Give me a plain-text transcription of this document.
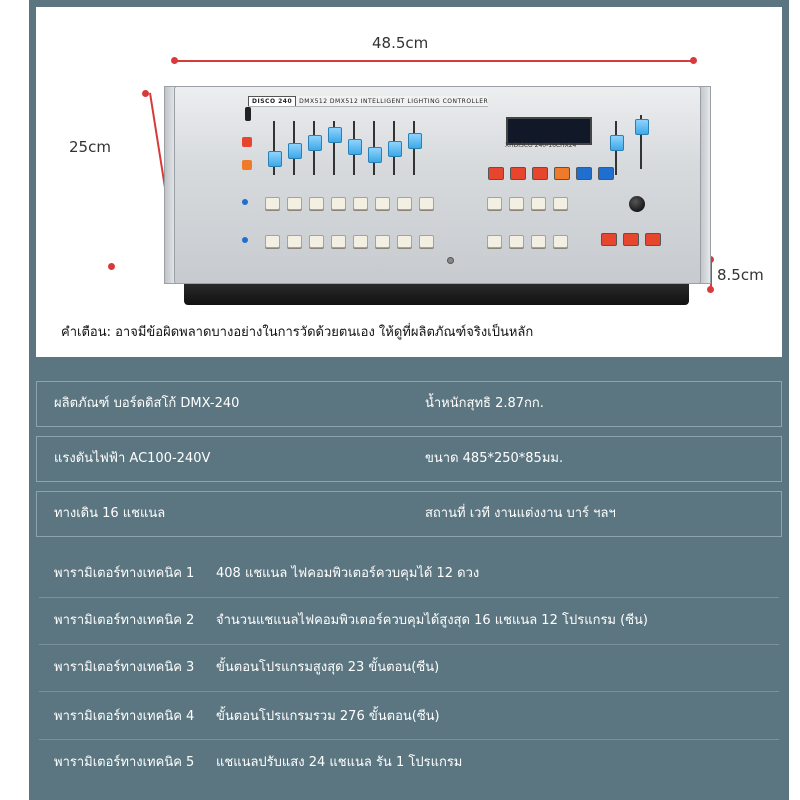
48.5cm
25cm
8.5cm
DISCO 240 DMX512 DMX512 INTELLIGENT LIGHTING CONTROLLER
XHDISCO 240-16CHX24
คำเตือน: อาจมีข้อผิดพลาดบางอย่างในการวัดด้วยตนเอง ให้ดูที่ผลิตภัณฑ์จริงเป็นหลัก
ผลิตภัณฑ์ บอร์ดดิสโก้ DMX-240	น้ำหนักสุทธิ 2.87กก.
แรงดันไฟฟ้า AC100-240V	ขนาด 485*250*85มม.
ทางเดิน 16 แชแนล	สถานที่ เวที งานแต่งงาน บาร์ ฯลฯ
พารามิเตอร์ทางเทคนิค 1 408 แชแนล ไฟคอมพิวเตอร์ควบคุมได้ 12 ดวง
พารามิเตอร์ทางเทคนิค 2 จำนวนแชแนลไฟคอมพิวเตอร์ควบคุมได้สูงสุด 16 แชแนล 12 โปรแกรม (ซีน)
พารามิเตอร์ทางเทคนิค 3 ขั้นตอนโปรแกรมสูงสุด 23 ขั้นตอน(ซีน)
พารามิเตอร์ทางเทคนิค 4 ขั้นตอนโปรแกรมรวม 276 ขั้นตอน(ซีน)
พารามิเตอร์ทางเทคนิค 5 แชแนลปรับแสง 24 แชแนล รัน 1 โปรแกรม
